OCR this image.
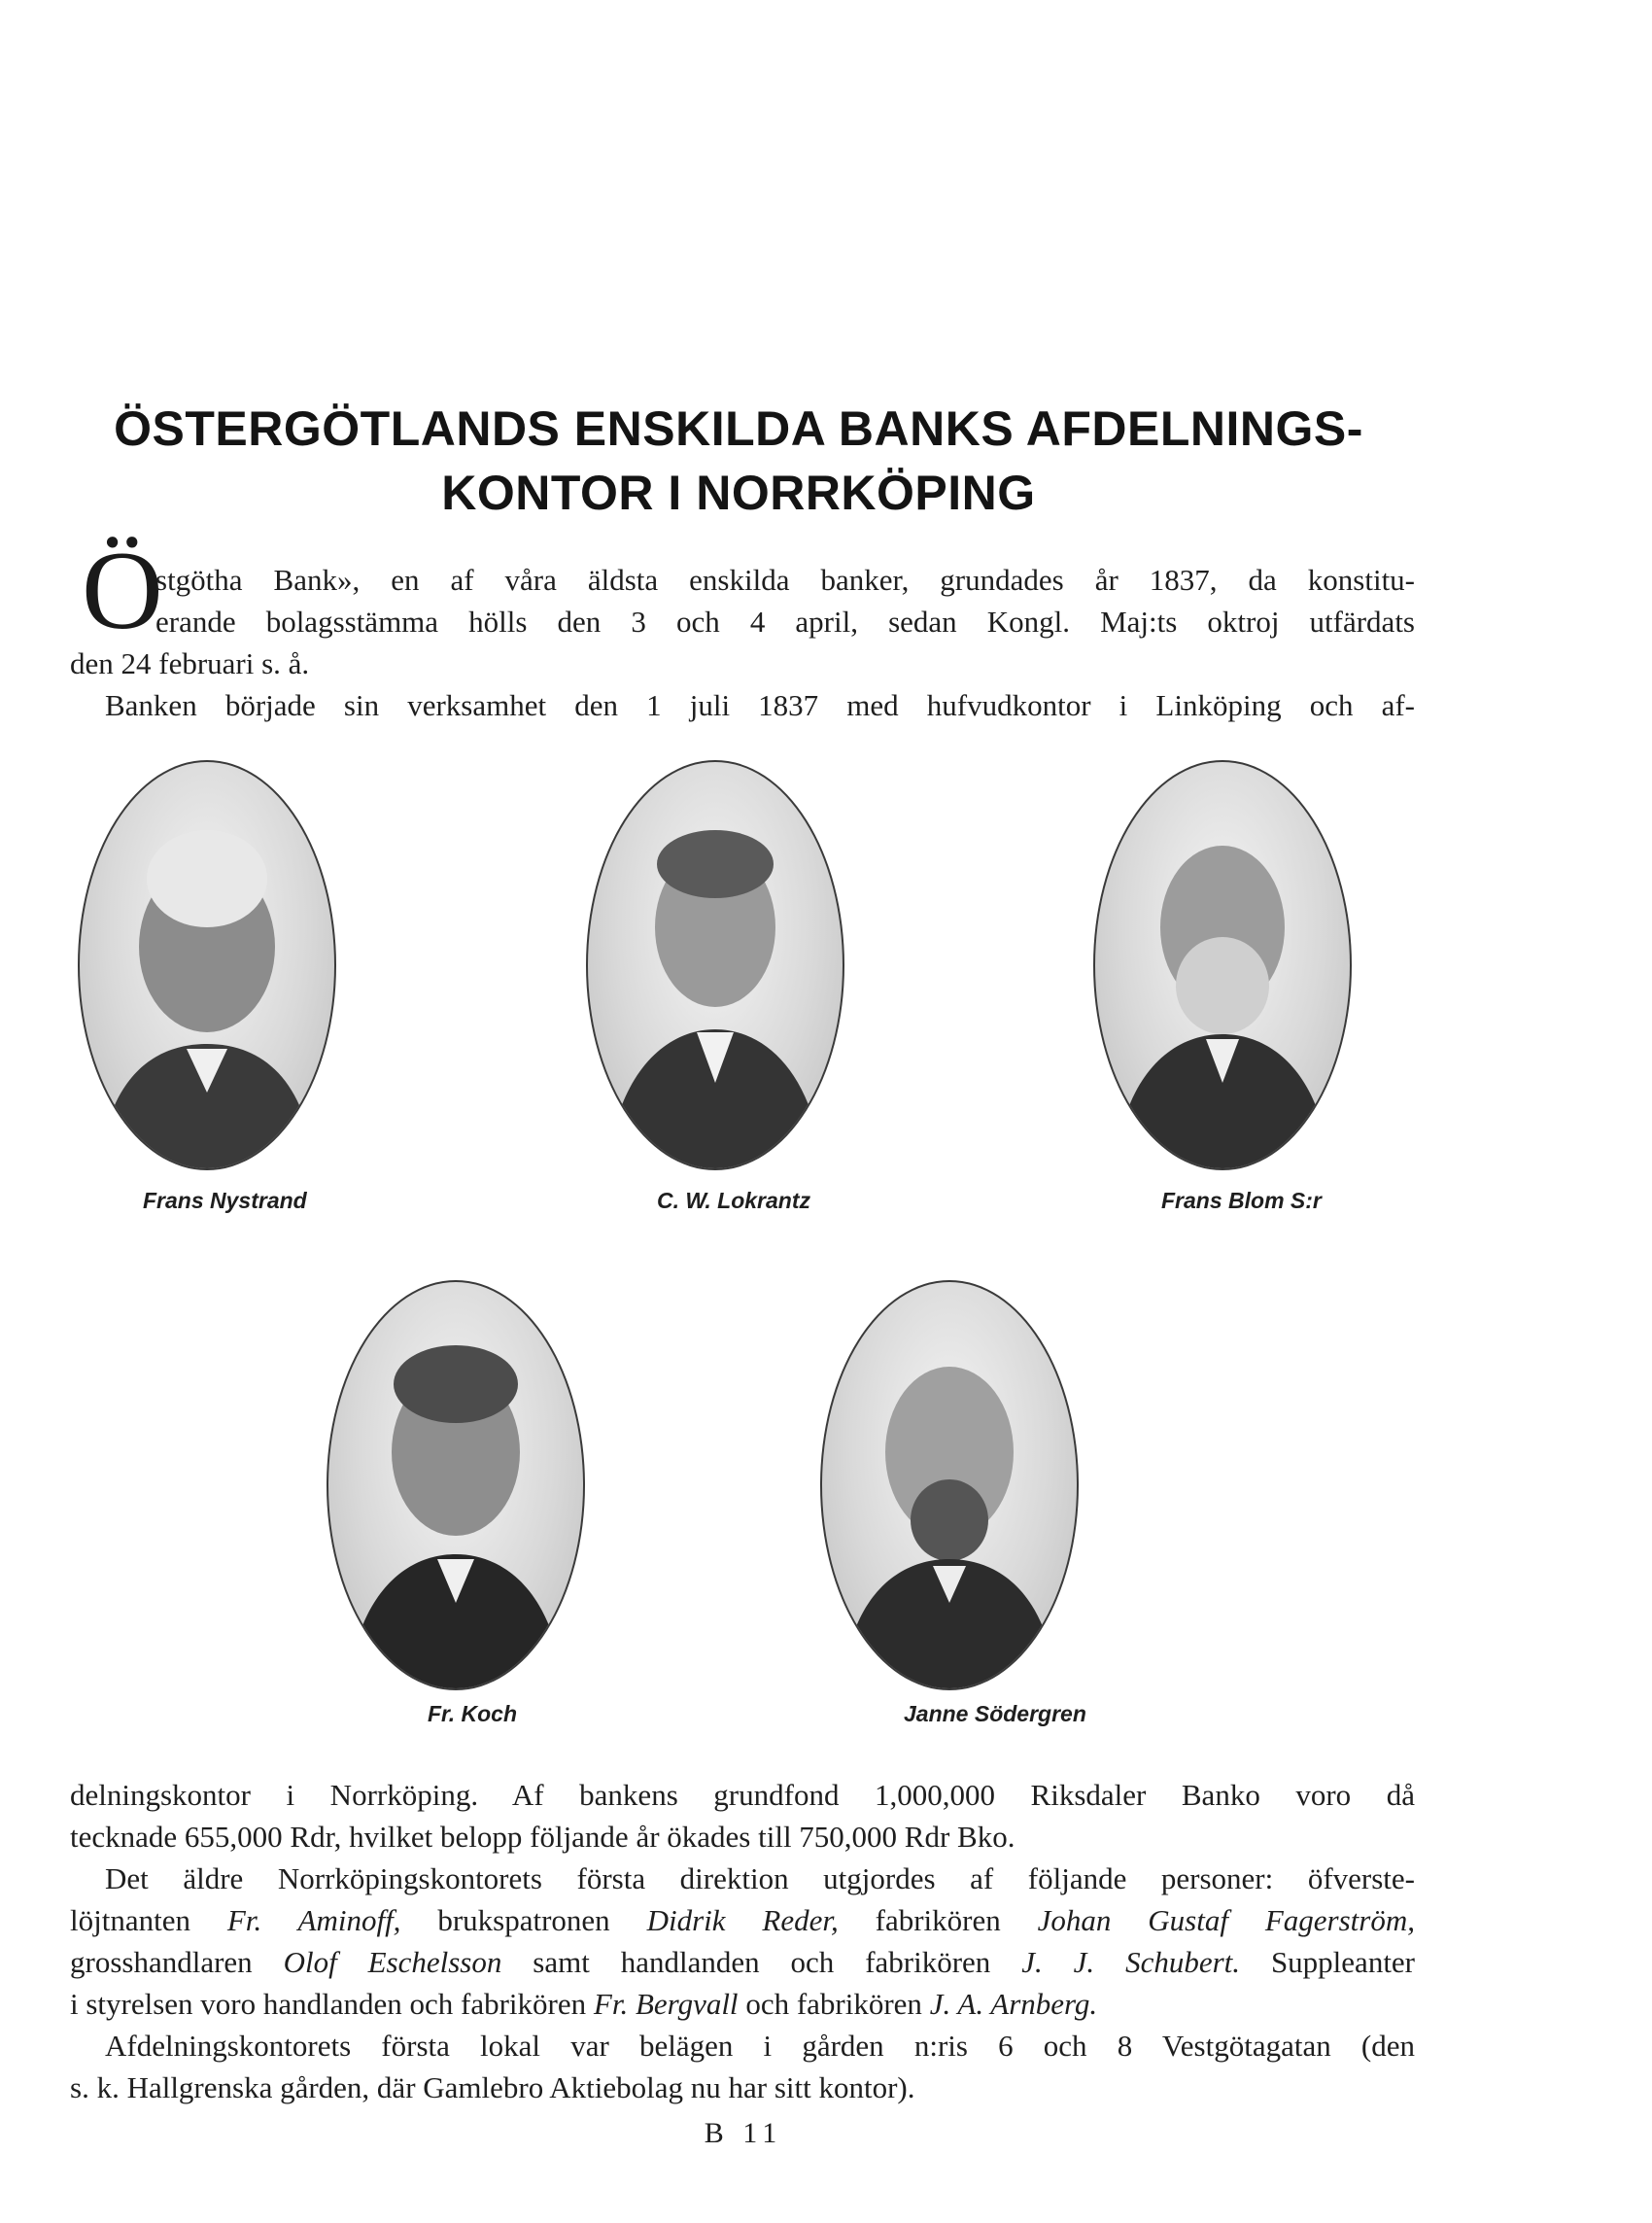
ÖSTERGÖTLANDS ENSKILDA BANKS AFDELNINGS-
KONTOR I NORRKÖPING
Ö
stgötha Bank», en af våra äldsta enskilda banker, grundades år 1837, da konstitu-
erande bolagsstämma hölls den 3 och 4 april, sedan Kongl. Maj:ts oktroj utfärdats
den 24 februari s. å.
Banken började sin verksamhet den 1 juli 1837 med hufvudkontor i Linköping och af-
Frans Nystrand	C. W. Lokrantz	Frans Blom S:r
Fr. Koch	Janne Södergren
delningskontor i Norrköping. Af bankens grundfond 1,000,000 Riksdaler Banko voro då
tecknade 655,000 Rdr, hvilket belopp följande år ökades till 750,000 Rdr Bko.
Det äldre Norrköpingskontorets första direktion utgjordes af följande personer: öfverste-
löjtnanten Fr. Aminoff, brukspatronen Didrik Reder, fabrikören Johan Gustaf Fagerström,
grosshandlaren Olof Eschelsson samt handlanden och fabrikören J. J. Schubert. Suppleanter
i styrelsen voro handlanden och fabrikören Fr. Bergvall och fabrikören J. A. Arnberg.
Afdelningskontorets första lokal var belägen i gården n:ris 6 och 8 Vestgötagatan (den
s. k. Hallgrenska gården, där Gamlebro Aktiebolag nu har sitt kontor).
B 11
